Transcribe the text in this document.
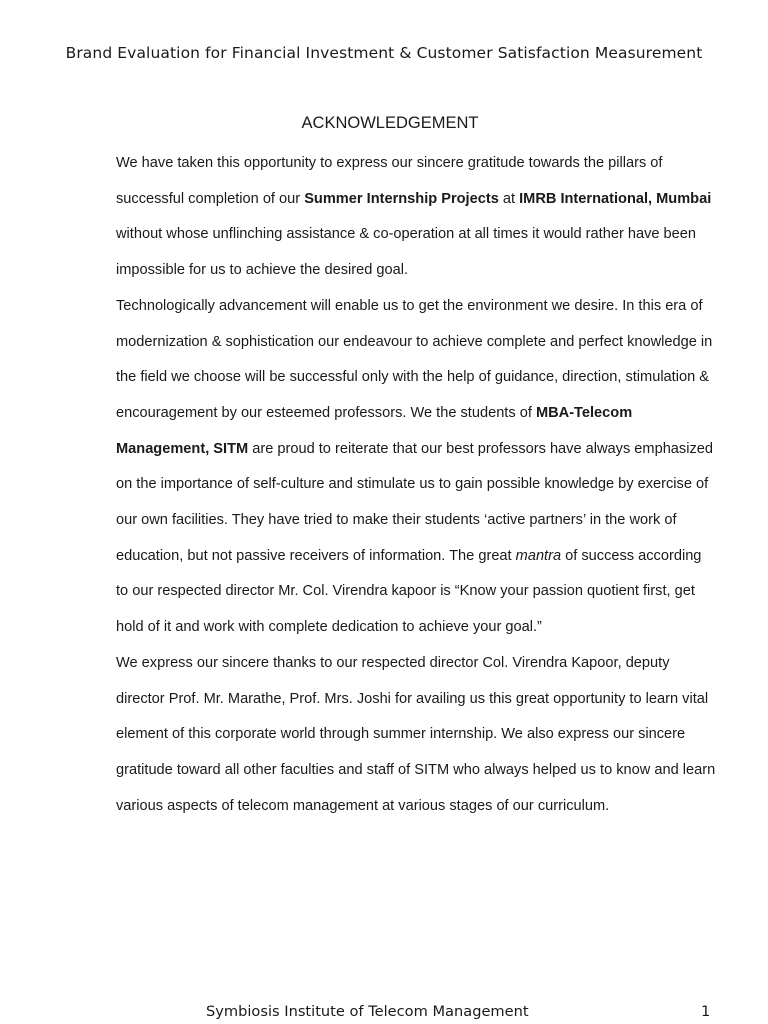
Brand Evaluation for Financial Investment & Customer Satisfaction Measurement
ACKNOWLEDGEMENT

We have taken this opportunity to express our sincere gratitude towards the pillars of successful completion of our Summer Internship Projects at IMRB International, Mumbai without whose unflinching assistance & co-operation at all times it would rather have been impossible for us to achieve the desired goal.

Technologically advancement will enable us to get the environment we desire. In this era of modernization & sophistication our endeavour to achieve complete and perfect knowledge in the field we choose will be successful only with the help of guidance, direction, stimulation & encouragement by our esteemed professors. We the students of MBA-Telecom Management, SITM are proud to reiterate that our best professors have always emphasized on the importance of self-culture and stimulate us to gain possible knowledge by exercise of our own facilities. They have tried to make their students ‘active partners’ in the work of education, but not passive receivers of information. The great mantra of success according to our respected director Mr. Col. Virendra kapoor is “Know your passion quotient first, get hold of it and work with complete dedication to achieve your goal.”

We express our sincere thanks to our respected director Col. Virendra Kapoor, deputy director Prof. Mr. Marathe, Prof. Mrs. Joshi for availing us this great opportunity to learn vital element of this corporate world through summer internship. We also express our sincere gratitude toward all other faculties and staff of SITM who always helped us to know and learn various aspects of telecom management at various stages of our curriculum.

Symbiosis Institute of Telecom Management	1
